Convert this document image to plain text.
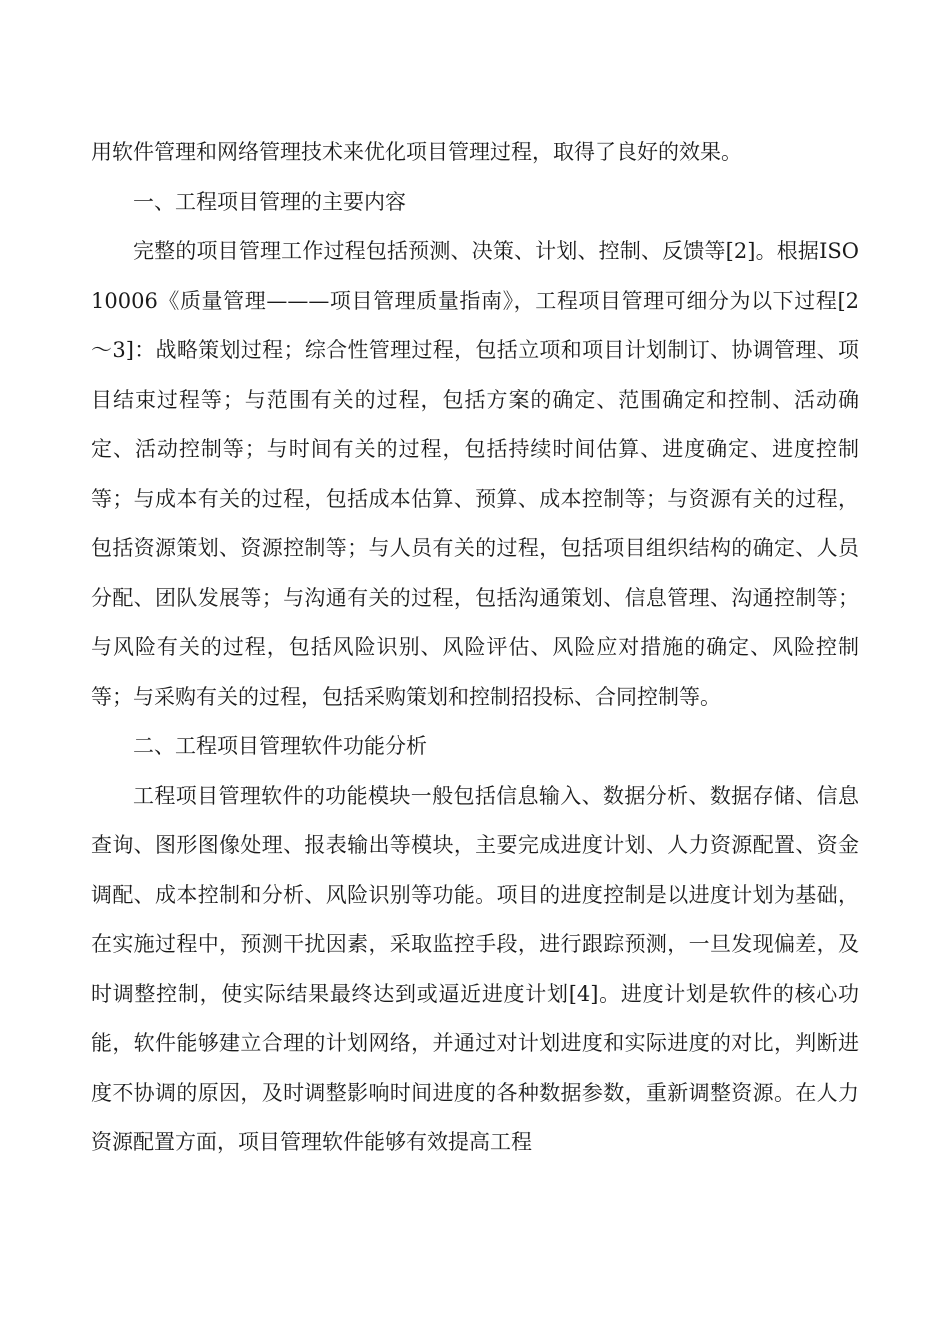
用软件管理和网络管理技术来优化项目管理过程，取得了良好的效果。

一、工程项目管理的主要内容

完整的项目管理工作过程包括预测、决策、计划、控制、反馈等[2]。根据ISO10006《质量管理———项目管理质量指南》，工程项目管理可细分为以下过程[2～3]：战略策划过程；综合性管理过程，包括立项和项目计划制订、协调管理、项目结束过程等；与范围有关的过程，包括方案的确定、范围确定和控制、活动确定、活动控制等；与时间有关的过程，包括持续时间估算、进度确定、进度控制等；与成本有关的过程，包括成本估算、预算、成本控制等；与资源有关的过程，包括资源策划、资源控制等；与人员有关的过程，包括项目组织结构的确定、人员分配、团队发展等；与沟通有关的过程，包括沟通策划、信息管理、沟通控制等；与风险有关的过程，包括风险识别、风险评估、风险应对措施的确定、风险控制等；与采购有关的过程，包括采购策划和控制招投标、合同控制等。

二、工程项目管理软件功能分析

工程项目管理软件的功能模块一般包括信息输入、数据分析、数据存储、信息查询、图形图像处理、报表输出等模块，主要完成进度计划、人力资源配置、资金调配、成本控制和分析、风险识别等功能。项目的进度控制是以进度计划为基础，在实施过程中，预测干扰因素，采取监控手段，进行跟踪预测，一旦发现偏差，及时调整控制，使实际结果最终达到或逼近进度计划[4]。进度计划是软件的核心功能，软件能够建立合理的计划网络，并通过对计划进度和实际进度的对比，判断进度不协调的原因，及时调整影响时间进度的各种数据参数，重新调整资源。在人力资源配置方面，项目管理软件能够有效提高工程
